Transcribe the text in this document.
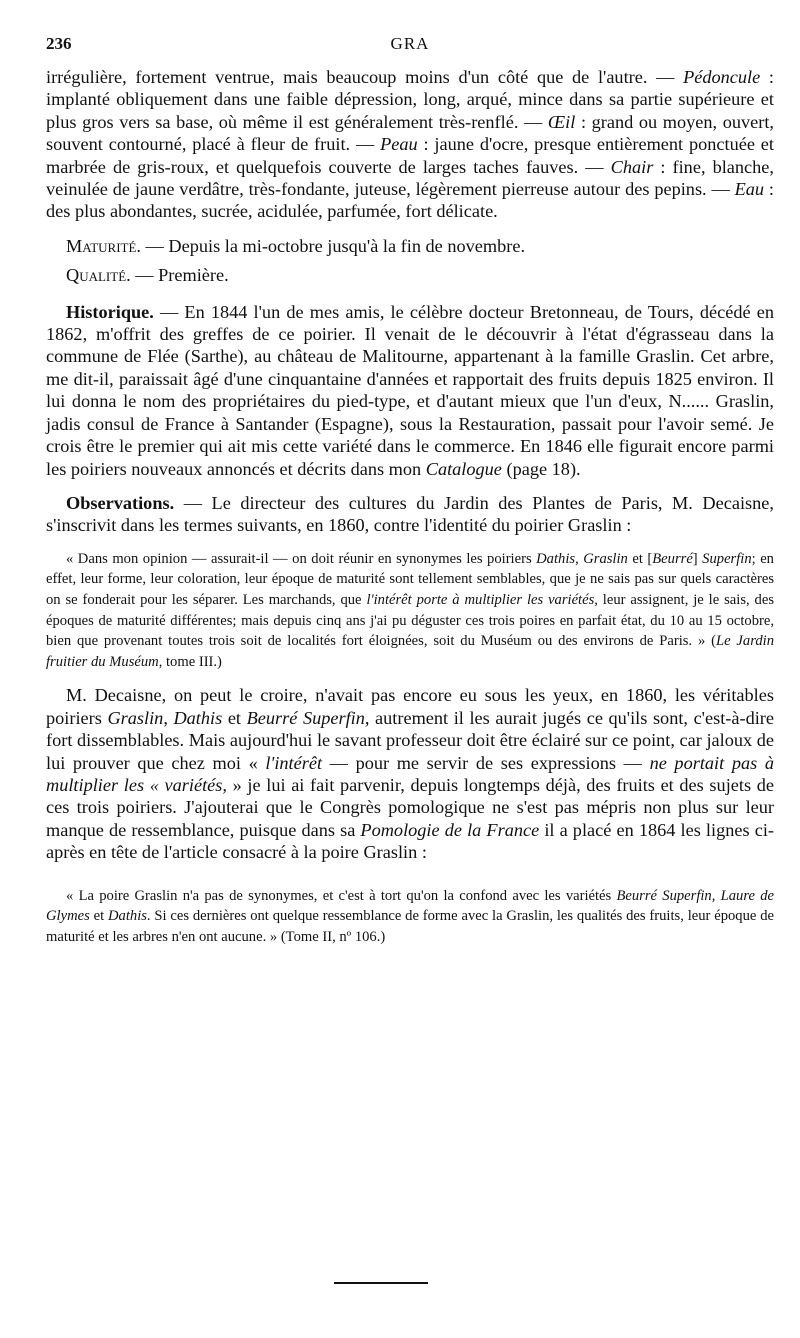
236	GRA

irrégulière, fortement ventrue, mais beaucoup moins d'un côté que de l'autre. — Pédoncule : implanté obliquement dans une faible dépression, long, arqué, mince dans sa partie supérieure et plus gros vers sa base, où même il est généralement très-renflé. — Œil : grand ou moyen, ouvert, souvent contourné, placé à fleur de fruit. — Peau : jaune d'ocre, presque entièrement ponctuée et marbrée de gris-roux, et quelquefois couverte de larges taches fauves. — Chair : fine, blanche, veinulée de jaune verdâtre, très-fondante, juteuse, légèrement pierreuse autour des pepins. — Eau : des plus abondantes, sucrée, acidulée, parfumée, fort délicate.

Maturité. — Depuis la mi-octobre jusqu'à la fin de novembre.

Qualité. — Première.

Historique. — En 1844 l'un de mes amis, le célèbre docteur Bretonneau, de Tours, décédé en 1862, m'offrit des greffes de ce poirier. Il venait de le découvrir à l'état d'égrasseau dans la commune de Flée (Sarthe), au château de Malitourne, appartenant à la famille Graslin. Cet arbre, me dit-il, paraissait âgé d'une cinquantaine d'années et rapportait des fruits depuis 1825 environ. Il lui donna le nom des propriétaires du pied-type, et d'autant mieux que l'un d'eux, N...... Graslin, jadis consul de France à Santander (Espagne), sous la Restauration, passait pour l'avoir semé. Je crois être le premier qui ait mis cette variété dans le commerce. En 1846 elle figurait encore parmi les poiriers nouveaux annoncés et décrits dans mon Catalogue (page 18).

Observations. — Le directeur des cultures du Jardin des Plantes de Paris, M. Decaisne, s'inscrivit dans les termes suivants, en 1860, contre l'identité du poirier Graslin :

« Dans mon opinion — assurait-il — on doit réunir en synonymes les poiriers Dathis, Graslin et [Beurré] Superfin; en effet, leur forme, leur coloration, leur époque de maturité sont tellement semblables, que je ne sais pas sur quels caractères on se fonderait pour les séparer. Les marchands, que l'intérêt porte à multiplier les variétés, leur assignent, je le sais, des époques de maturité différentes; mais depuis cinq ans j'ai pu déguster ces trois poires en parfait état, du 10 au 15 octobre, bien que provenant toutes trois soit de localités fort éloignées, soit du Muséum ou des environs de Paris. » (Le Jardin fruitier du Muséum, tome III.)

M. Decaisne, on peut le croire, n'avait pas encore eu sous les yeux, en 1860, les véritables poiriers Graslin, Dathis et Beurré Superfin, autrement il les aurait jugés ce qu'ils sont, c'est-à-dire fort dissemblables. Mais aujourd'hui le savant professeur doit être éclairé sur ce point, car jaloux de lui prouver que chez moi « l'intérêt — pour me servir de ses expressions — ne portait pas à multiplier les « variétés, » je lui ai fait parvenir, depuis longtemps déjà, des fruits et des sujets de ces trois poiriers. J'ajouterai que le Congrès pomologique ne s'est pas mépris non plus sur leur manque de ressemblance, puisque dans sa Pomologie de la France il a placé en 1864 les lignes ci-après en tête de l'article consacré à la poire Graslin :

« La poire Graslin n'a pas de synonymes, et c'est à tort qu'on la confond avec les variétés Beurré Superfin, Laure de Glymes et Dathis. Si ces dernières ont quelque ressemblance de forme avec la Graslin, les qualités des fruits, leur époque de maturité et les arbres n'en ont aucune. » (Tome II, nº 106.)
